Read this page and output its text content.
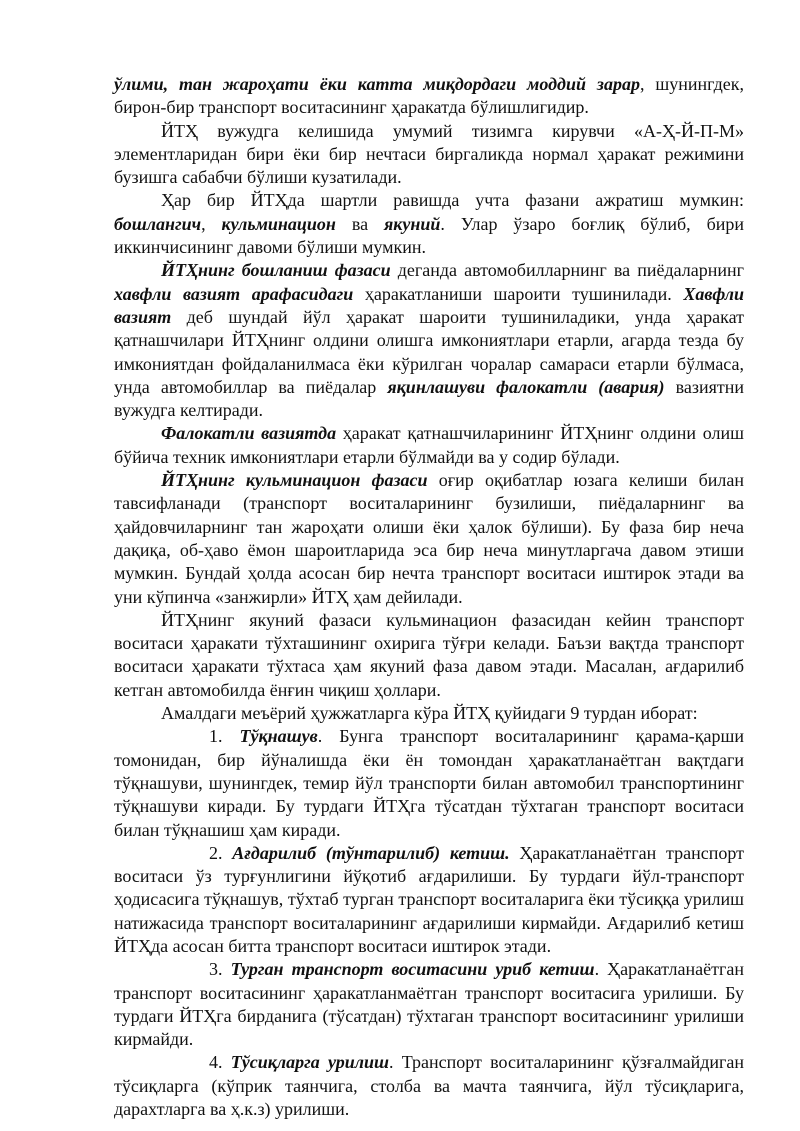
ўлими, тан жароҳати ёки катта миқдордаги моддий зарар, шунингдек, бирон-бир транспорт воситасининг ҳаракатда бўлишлигидир.

ЙТҲ вужудга келишида умумий тизимга кирувчи «А-Ҳ-Й-П-М» элементларидан бири ёки бир нечтаси биргаликда нормал ҳаракат режимини бузишга сабабчи бўлиши кузатилади.

Ҳар бир ЙТҲда шартли равишда учта фазани ажратиш мумкин: бошлангич, кульминацион ва якуний. Улар ўзаро боғлиқ бўлиб, бири иккинчисининг давоми бўлиши мумкин.

ЙТҲнинг бошланиш фазаси деганда автомобилларнинг ва пиёдаларнинг хавфли вазият арафасидаги ҳаракатланиши шароити тушинилади. Хавфли вазият деб шундай йўл ҳаракат шароити тушиниладики, унда ҳаракат қатнашчилари ЙТҲнинг олдини олишга имкониятлари етарли, агарда тезда бу имкониятдан фойдаланилмаса ёки кўрилган чоралар самараси етарли бўлмаса, унда автомобиллар ва пиёдалар яқинлашуви фалокатли (авария) вазиятни вужудга келтиради.

Фалокатли вазиятда ҳаракат қатнашчиларининг ЙТҲнинг олдини олиш бўйича техник имкониятлари етарли бўлмайди ва у содир бўлади.

ЙТҲнинг кульминацион фазаси оғир оқибатлар юзага келиши билан тавсифланади (транспорт воситаларининг бузилиши, пиёдаларнинг ва ҳайдовчиларнинг тан жароҳати олиши ёки ҳалок бўлиши). Бу фаза бир неча дақиқа, об-ҳаво ёмон шароитларида эса бир неча минутларгача давом этиши мумкин. Бундай ҳолда асосан бир нечта транспорт воситаси иштирок этади ва уни кўпинча «занжирли» ЙТҲ ҳам дейилади.

ЙТҲнинг якуний фазаси кульминацион фазасидан кейин транспорт воситаси ҳаракати тўхташининг охирига тўғри келади. Баъзи вақтда транспорт воситаси ҳаракати тўхтаса ҳам якуний фаза давом этади. Масалан, ағдарилиб кетган автомобилда ёнғин чиқиш ҳоллари.

Амалдаги меъёрий ҳужжатларга кўра ЙТҲ қуйидаги 9 турдан иборат:

1. Тўқнашув. Бунга транспорт воситаларининг қарама-қарши томонидан, бир йўналишда ёки ён томондан ҳаракатланаётган вақтдаги тўқнашуви, шунингдек, темир йўл транспорти билан автомобил транспортининг тўқнашуви киради. Бу турдаги ЙТҲга тўсатдан тўхтаган транспорт воситаси билан тўқнашиш ҳам киради.

2. Ағдарилиб (тўнтарилиб) кетиш. Ҳаракатланаётган транспорт воситаси ўз турғунлигини йўқотиб ағдарилиши. Бу турдаги йўл-транспорт ҳодисасига тўқнашув, тўхтаб турган транспорт воситаларига ёки тўсиққа урилиш натижасида транспорт воситаларининг ағдарилиши кирмайди. Ағдарилиб кетиш ЙТҲда асосан битта транспорт воситаси иштирок этади.

3. Турган транспорт воситасини уриб кетиш. Ҳаракатланаётган транспорт воситасининг ҳаракатланмаётган транспорт воситасига урилиши. Бу турдаги ЙТҲга бирданига (тўсатдан) тўхтаган транспорт воситасининг урилиши кирмайди.

4. Тўсиқларга урилиш. Транспорт воситаларининг қўзғалмайдиган тўсиқларга (кўприк таянчига, столба ва мачта таянчига, йўл тўсиқларига, дарахтларга ва ҳ.к.з) урилиши.
